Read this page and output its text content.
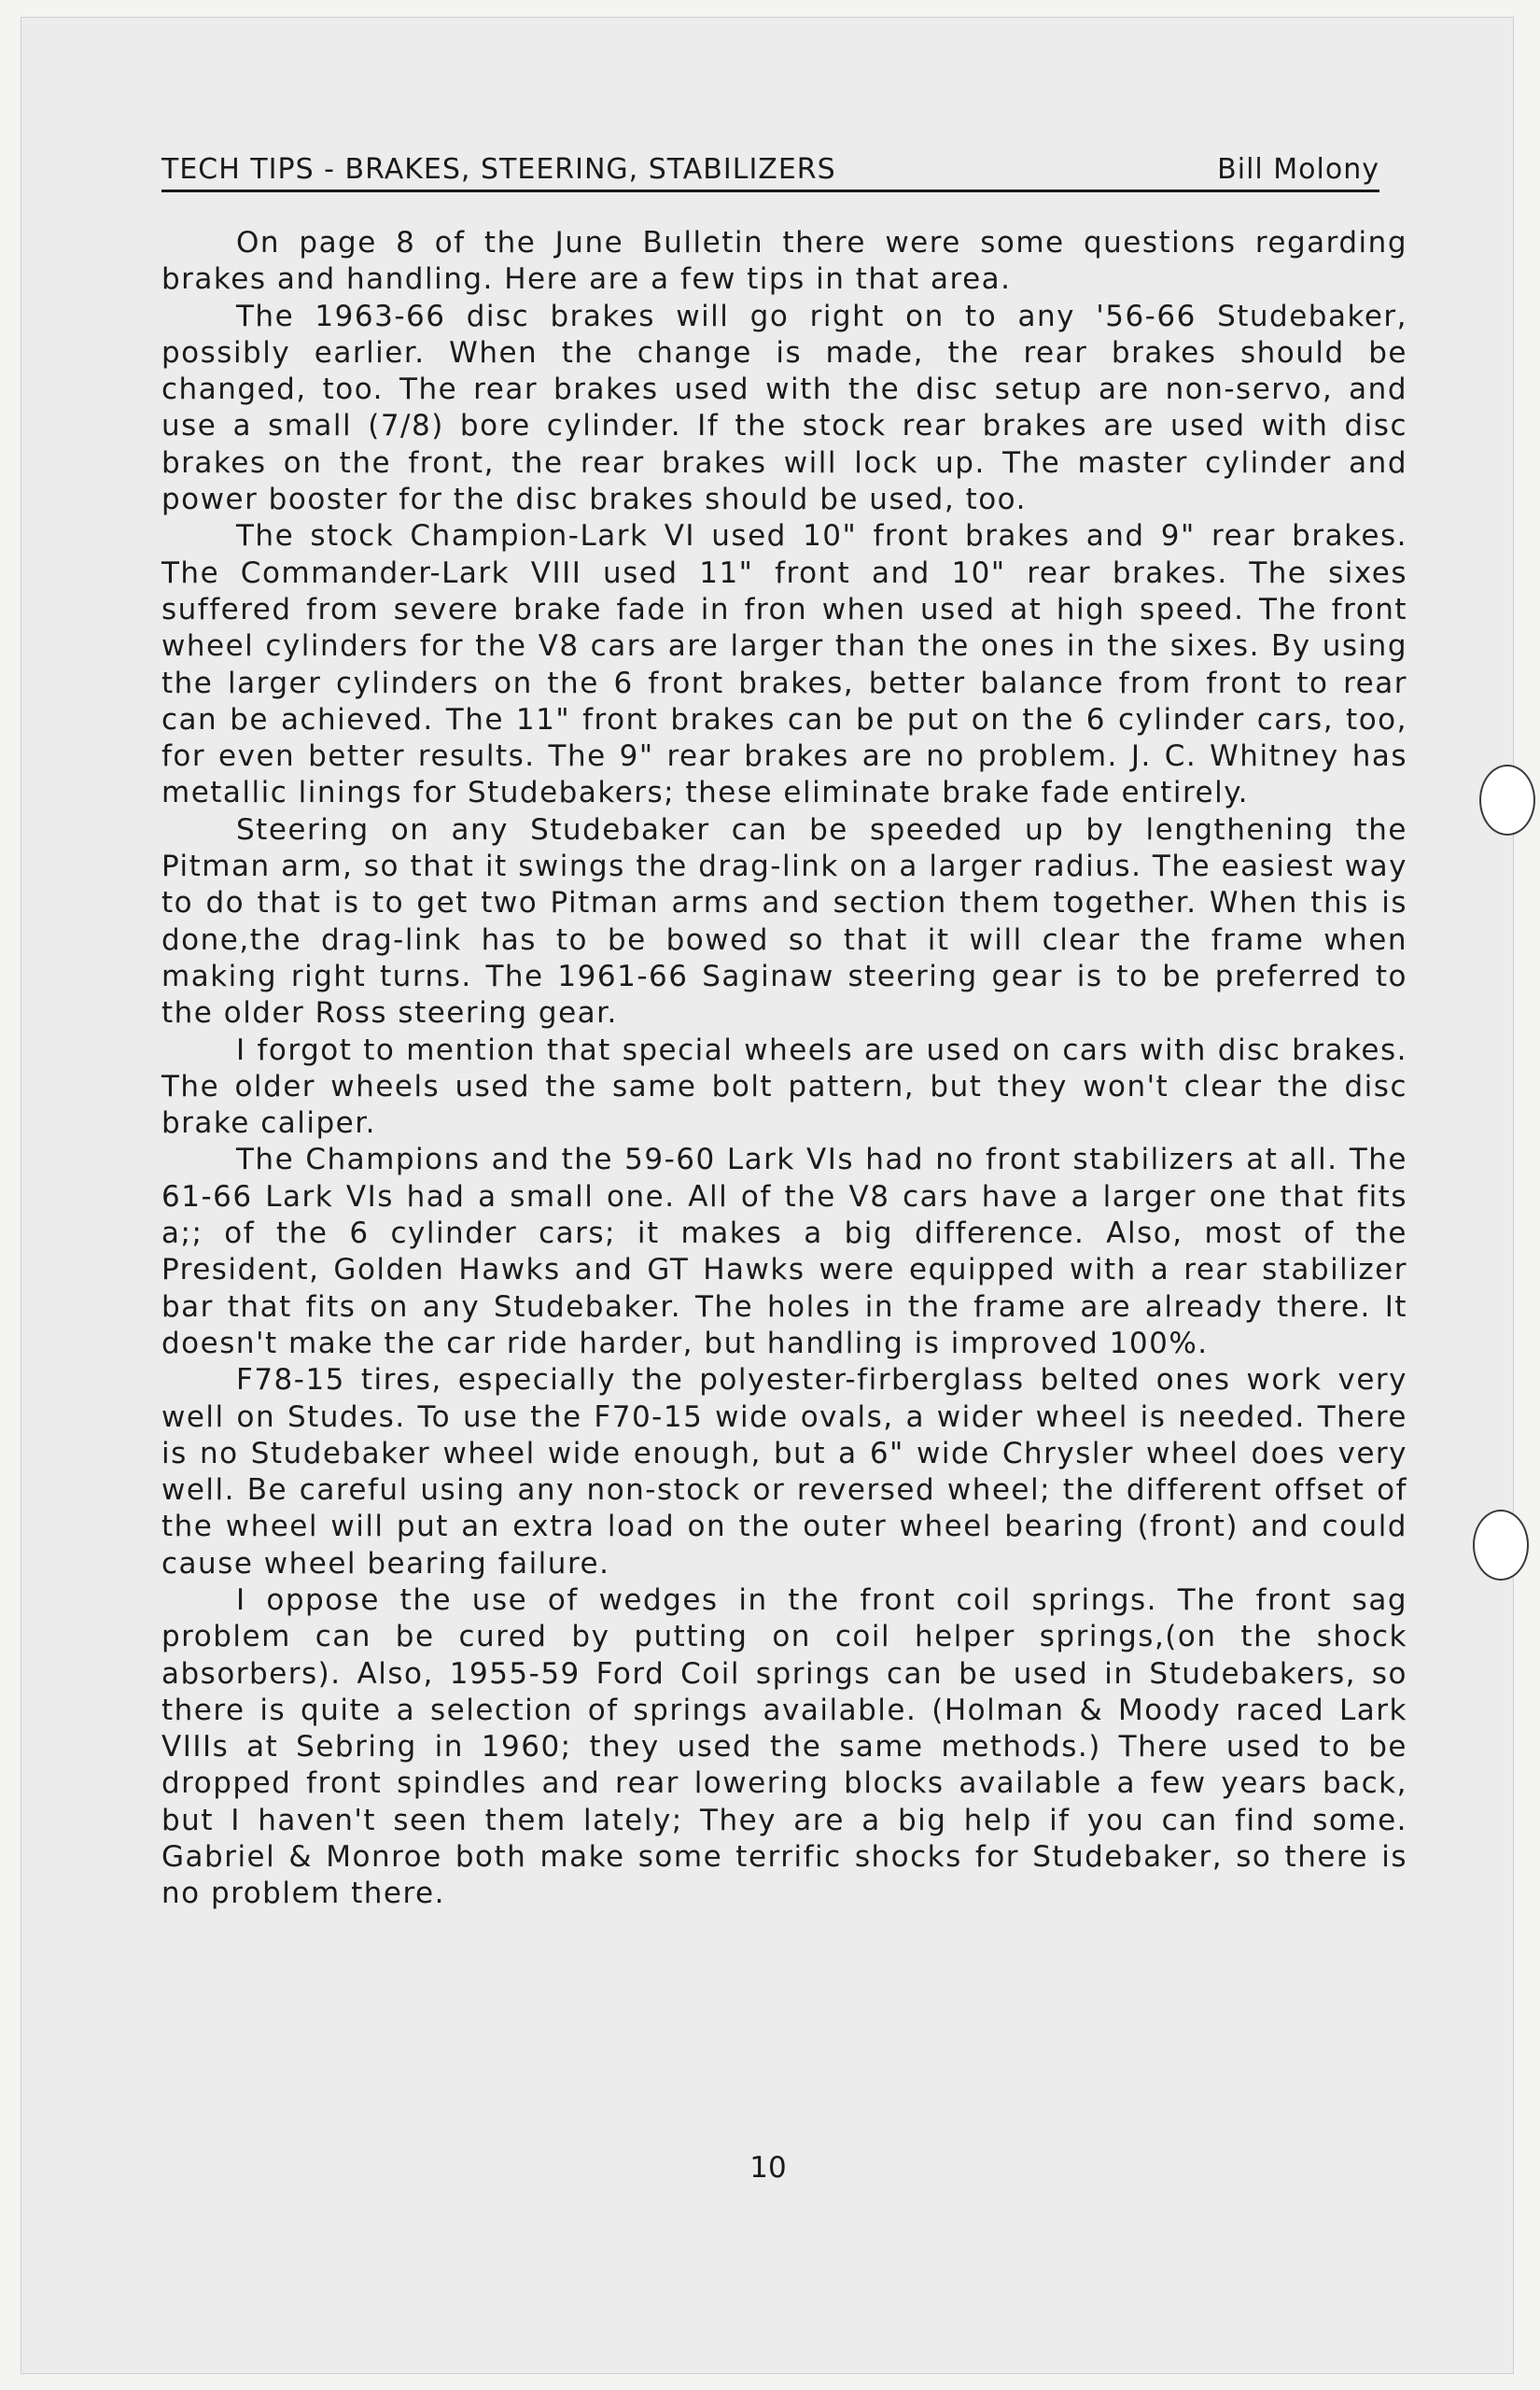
TECH TIPS - BRAKES, STEERING, STABILIZERS	Bill Molony

On page 8 of the June Bulletin there were some questions regarding brakes and handling. Here are a few tips in that area.

The 1963-66 disc brakes will go right on to any '56-66 Studebaker, possibly earlier. When the change is made, the rear brakes should be changed, too. The rear brakes used with the disc setup are non-servo, and use a small (7/8) bore cylinder. If the stock rear brakes are used with disc brakes on the front, the rear brakes will lock up. The master cylinder and power booster for the disc brakes should be used, too.

The stock Champion-Lark VI used 10" front brakes and 9" rear brakes. The Commander-Lark VIII used 11" front and 10" rear brakes. The sixes suffered from severe brake fade in fron when used at high speed. The front wheel cylinders for the V8 cars are larger than the ones in the sixes. By using the larger cylinders on the 6 front brakes, better balance from front to rear can be achieved. The 11" front brakes can be put on the 6 cylinder cars, too, for even better results. The 9" rear brakes are no problem. J. C. Whitney has metallic linings for Studebakers; these eliminate brake fade entirely.

Steering on any Studebaker can be speeded up by lengthening the Pitman arm, so that it swings the drag-link on a larger radius. The easiest way to do that is to get two Pitman arms and section them together. When this is done,the drag-link has to be bowed so that it will clear the frame when making right turns. The 1961-66 Saginaw steering gear is to be preferred to the older Ross steering gear.

I forgot to mention that special wheels are used on cars with disc brakes. The older wheels used the same bolt pattern, but they won't clear the disc brake caliper.

The Champions and the 59-60 Lark VIs had no front stabilizers at all. The 61-66 Lark VIs had a small one. All of the V8 cars have a larger one that fits a;; of the 6 cylinder cars; it makes a big difference. Also, most of the President, Golden Hawks and GT Hawks were equipped with a rear stabilizer bar that fits on any Studebaker. The holes in the frame are already there. It doesn't make the car ride harder, but handling is improved 100%.

F78-15 tires, especially the polyester-firberglass belted ones work very well on Studes. To use the F70-15 wide ovals, a wider wheel is needed. There is no Studebaker wheel wide enough, but a 6" wide Chrysler wheel does very well. Be careful using any non-stock or reversed wheel; the different offset of the wheel will put an extra load on the outer wheel bearing (front) and could cause wheel bearing failure.

I oppose the use of wedges in the front coil springs. The front sag problem can be cured by putting on coil helper springs,(on the shock absorbers). Also, 1955-59 Ford Coil springs can be used in Studebakers, so there is quite a selection of springs available. (Holman & Moody raced Lark VIIIs at Sebring in 1960; they used the same methods.) There used to be dropped front spindles and rear lowering blocks available a few years back, but I haven't seen them lately; They are a big help if you can find some. Gabriel & Monroe both make some terrific shocks for Studebaker, so there is no problem there.

10
